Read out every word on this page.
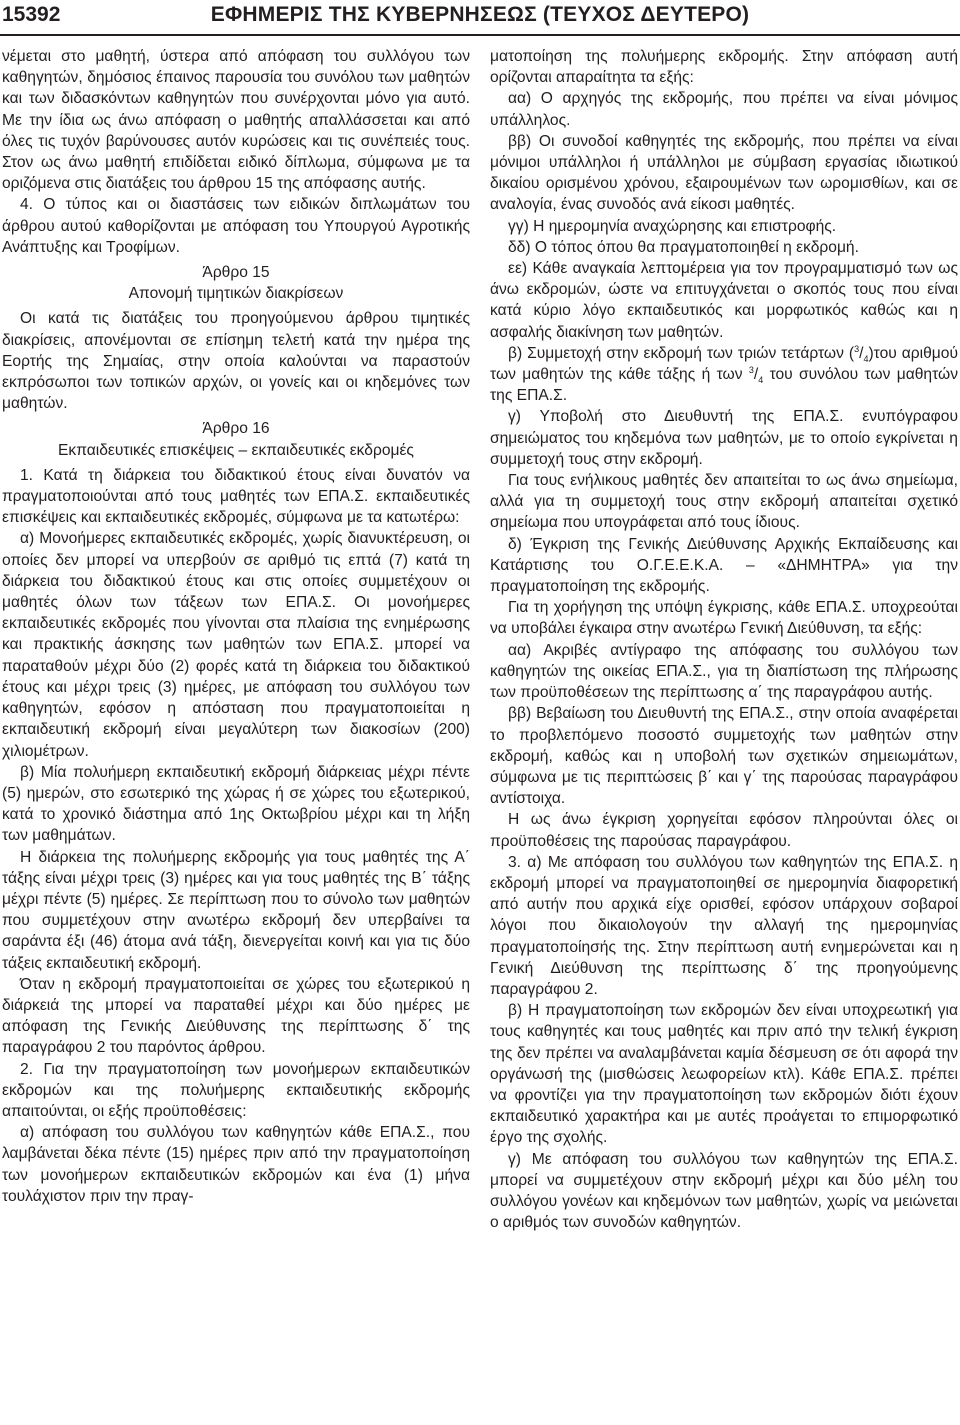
15392	ΕΦΗΜΕΡΙΣ ΤΗΣ ΚΥΒΕΡΝΗΣΕΩΣ (ΤΕΥΧΟΣ ΔΕΥΤΕΡΟ)

νέμεται στο μαθητή, ύστερα από απόφαση του συλλόγου των καθηγητών, δημόσιος έπαινος παρουσία του συνόλου των μαθητών και των διδασκόντων καθηγητών που συνέρχονται μόνο για αυτό. Με την ίδια ως άνω απόφαση ο μαθητής απαλλάσσεται και από όλες τις τυχόν βαρύνουσες αυτόν κυρώσεις και τις συνέπειές τους. Στον ως άνω μαθητή επιδίδεται ειδικό δίπλωμα, σύμφωνα με τα οριζόμενα στις διατάξεις του άρθρου 15 της απόφασης αυτής.

4. Ο τύπος και οι διαστάσεις των ειδικών διπλωμάτων του άρθρου αυτού καθορίζονται με απόφαση του Υπουργού Αγροτικής Ανάπτυξης και Τροφίμων.

Άρθρο 15

Απονομή τιμητικών διακρίσεων

Οι κατά τις διατάξεις του προηγούμενου άρθρου τιμητικές διακρίσεις, απονέμονται σε επίσημη τελετή κατά την ημέρα της Εορτής της Σημαίας, στην οποία καλούνται να παραστούν εκπρόσωποι των τοπικών αρχών, οι γονείς και οι κηδεμόνες των μαθητών.

Άρθρο 16

Εκπαιδευτικές επισκέψεις – εκπαιδευτικές εκδρομές

1. Κατά τη διάρκεια του διδακτικού έτους είναι δυνατόν να πραγματοποιούνται από τους μαθητές των ΕΠΑ.Σ. εκπαιδευτικές επισκέψεις και εκπαιδευτικές εκδρομές, σύμφωνα με τα κατωτέρω:

α) Μονοήμερες εκπαιδευτικές εκδρομές, χωρίς διανυκτέρευση, οι οποίες δεν μπορεί να υπερβούν σε αριθμό τις επτά (7) κατά τη διάρκεια του διδακτικού έτους και στις οποίες συμμετέχουν οι μαθητές όλων των τάξεων των ΕΠΑ.Σ. Οι μονοήμερες εκπαιδευτικές εκδρομές που γίνονται στα πλαίσια της ενημέρωσης και πρακτικής άσκησης των μαθητών των ΕΠΑ.Σ. μπορεί να παραταθούν μέχρι δύο (2) φορές κατά τη διάρκεια του διδακτικού έτους και μέχρι τρεις (3) ημέρες, με απόφαση του συλλόγου των καθηγητών, εφόσον η απόσταση που πραγματοποιείται η εκπαιδευτική εκδρομή είναι μεγαλύτερη των διακοσίων (200) χιλιομέτρων.

β) Μία πολυήμερη εκπαιδευτική εκδρομή διάρκειας μέχρι πέντε (5) ημερών, στο εσωτερικό της χώρας ή σε χώρες του εξωτερικού, κατά το χρονικό διάστημα από 1ης Οκτωβρίου μέχρι και τη λήξη των μαθημάτων.

Η διάρκεια της πολυήμερης εκδρομής για τους μαθητές της Α΄ τάξης είναι μέχρι τρεις (3) ημέρες και για τους μαθητές της Β΄ τάξης μέχρι πέντε (5) ημέρες. Σε περίπτωση που το σύνολο των μαθητών που συμμετέχουν στην ανωτέρω εκδρομή δεν υπερβαίνει τα σαράντα έξι (46) άτομα ανά τάξη, διενεργείται κοινή και για τις δύο τάξεις εκπαιδευτική εκδρομή.

Όταν η εκδρομή πραγματοποιείται σε χώρες του εξωτερικού η διάρκειά της μπορεί να παραταθεί μέχρι και δύο ημέρες με απόφαση της Γενικής Διεύθυνσης της περίπτωσης δ΄ της παραγράφου 2 του παρόντος άρθρου.

2. Για την πραγματοποίηση των μονοήμερων εκπαιδευτικών εκδρομών και της πολυήμερης εκπαιδευτικής εκδρομής απαιτούνται, οι εξής προϋποθέσεις:

α) απόφαση του συλλόγου των καθηγητών κάθε ΕΠΑ.Σ., που λαμβάνεται δέκα πέντε (15) ημέρες πριν από την πραγματοποίηση των μονοήμερων εκπαιδευτικών εκδρομών και ένα (1) μήνα τουλάχιστον πριν την πραγ-

ματοποίηση της πολυήμερης εκδρομής. Στην απόφαση αυτή ορίζονται απαραίτητα τα εξής:

αα) Ο αρχηγός της εκδρομής, που πρέπει να είναι μόνιμος υπάλληλος.

ββ) Οι συνοδοί καθηγητές της εκδρομής, που πρέπει να είναι μόνιμοι υπάλληλοι ή υπάλληλοι με σύμβαση εργασίας ιδιωτικού δικαίου ορισμένου χρόνου, εξαιρουμένων των ωρομισθίων, και σε αναλογία, ένας συνοδός ανά είκοσι μαθητές.

γγ) Η ημερομηνία αναχώρησης και επιστροφής.

δδ) Ο τόπος όπου θα πραγματοποιηθεί η εκδρομή.

εε) Κάθε αναγκαία λεπτομέρεια για τον προγραμματισμό των ως άνω εκδρομών, ώστε να επιτυγχάνεται ο σκοπός τους που είναι κατά κύριο λόγο εκπαιδευτικός και μορφωτικός καθώς και η ασφαλής διακίνηση των μαθητών.

β) Συμμετοχή στην εκδρομή των τριών τετάρτων $(^3/_4)\tau o\upsilon$ αριθμού των μαθητών της κάθε τάξης ή των $^3/_4$ του συνόλου των μαθητών της ΕΠΑ.Σ.

γ) Υποβολή στο Διευθυντή της ΕΠΑ.Σ. ενυπόγραφου σημειώματος του κηδεμόνα των μαθητών, με το οποίο εγκρίνεται η συμμετοχή τους στην εκδρομή.

Για τους ενήλικους μαθητές δεν απαιτείται το ως άνω σημείωμα, αλλά για τη συμμετοχή τους στην εκδρομή απαιτείται σχετικό σημείωμα που υπογράφεται από τους ίδιους.

δ) Έγκριση της Γενικής Διεύθυνσης Αρχικής Εκπαίδευσης και Κατάρτισης του Ο.Γ.Ε.Ε.Κ.Α. – «ΔΗΜΗΤΡΑ» για την πραγματοποίηση της εκδρομής.

Για τη χορήγηση της υπόψη έγκρισης, κάθε ΕΠΑ.Σ. υποχρεούται να υποβάλει έγκαιρα στην ανωτέρω Γενική Διεύθυνση, τα εξής:

αα) Ακριβές αντίγραφο της απόφασης του συλλόγου των καθηγητών της οικείας ΕΠΑ.Σ., για τη διαπίστωση της πλήρωσης των προϋποθέσεων της περίπτωσης α΄ της παραγράφου αυτής.

ββ) Βεβαίωση του Διευθυντή της ΕΠΑ.Σ., στην οποία αναφέρεται το προβλεπόμενο ποσοστό συμμετοχής των μαθητών στην εκδρομή, καθώς και η υποβολή των σχετικών σημειωμάτων, σύμφωνα με τις περιπτώσεις β΄ και γ΄ της παρούσας παραγράφου αντίστοιχα.

Η ως άνω έγκριση χορηγείται εφόσον πληρούνται όλες οι προϋποθέσεις της παρούσας παραγράφου.

3. α) Με απόφαση του συλλόγου των καθηγητών της ΕΠΑ.Σ. η εκδρομή μπορεί να πραγματοποιηθεί σε ημερομηνία διαφορετική από αυτήν που αρχικά είχε ορισθεί, εφόσον υπάρχουν σοβαροί λόγοι που δικαιολογούν την αλλαγή της ημερομηνίας πραγματοποίησής της. Στην περίπτωση αυτή ενημερώνεται και η Γενική Διεύθυνση της περίπτωσης δ΄ της προηγούμενης παραγράφου 2.

β) Η πραγματοποίηση των εκδρομών δεν είναι υποχρεωτική για τους καθηγητές και τους μαθητές και πριν από την τελική έγκριση της δεν πρέπει να αναλαμβάνεται καμία δέσμευση σε ότι αφορά την οργάνωσή της (μισθώσεις λεωφορείων κτλ). Κάθε ΕΠΑ.Σ. πρέπει να φροντίζει για την πραγματοποίηση των εκδρομών διότι έχουν εκπαιδευτικό χαρακτήρα και με αυτές προάγεται το επιμορφωτικό έργο της σχολής.

γ) Με απόφαση του συλλόγου των καθηγητών της ΕΠΑ.Σ. μπορεί να συμμετέχουν στην εκδρομή μέχρι και δύο μέλη του συλλόγου γονέων και κηδεμόνων των μαθητών, χωρίς να μειώνεται ο αριθμός των συνοδών καθηγητών.
